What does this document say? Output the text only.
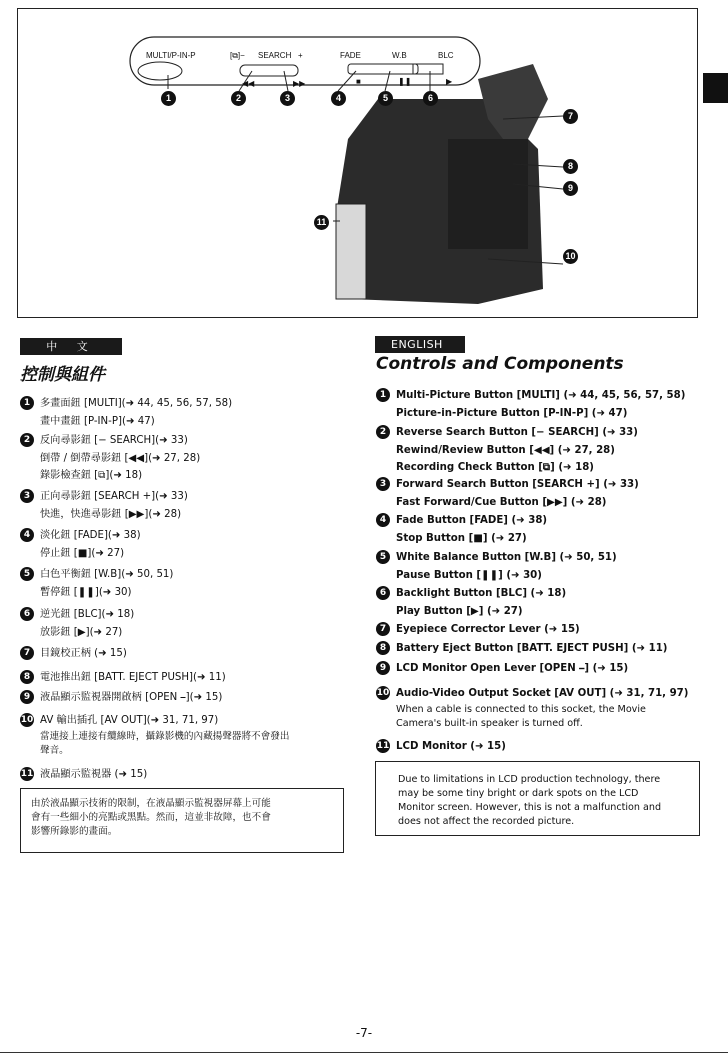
MULTI/P-IN-P	[⧉]− SEARCH +	FADE	W.B	BLC
◀◀	▶▶	■	❚❚	▶
1	2	3	4	5	6
7
8
9
10
11
中 文
控制與組件
1 多畫面鈕 [MULTI](➜ 44, 45, 56, 57, 58)
畫中畫鈕 [P-IN-P](➜ 47)
2 反向尋影鈕 [− SEARCH](➜ 33)
倒帶 / 倒帶尋影鈕 [◀◀](➜ 27, 28)
錄影檢查鈕 [⧉](➜ 18)
3 正向尋影鈕 [SEARCH +](➜ 33)
快進，快進尋影鈕 [▶▶](➜ 28)
4 淡化鈕 [FADE](➜ 38)
停止鈕 [■](➜ 27)
5 白色平衡鈕 [W.B](➜ 50, 51)
暫停鈕 [❚❚](➜ 30)
6 逆光鈕 [BLC](➜ 18)
放影鈕 [▶](➜ 27)
7 目鏡校正柄 (➜ 15)
8 電池推出鈕 [BATT. EJECT PUSH](➜ 11)
9 液晶顯示監視器開啟柄 [OPEN ⎯](➜ 15)
10 AV 輸出插孔 [AV OUT](➜ 31, 71, 97)
當連接上連接有纜線時，攝錄影機的內藏揚聲器將不會發出
聲音。
11 液晶顯示監視器 (➜ 15)
由於液晶顯示技術的限制，在液晶顯示監視器屏幕上可能
會有一些細小的亮點或黑點。然而，這並非故障，也不會
影響所錄影的畫面。
ENGLISH
Controls and Components
1 Multi-Picture Button [MULTI] (➜ 44, 45, 56, 57, 58)
Picture-in-Picture Button [P-IN-P] (➜ 47)
2 Reverse Search Button [− SEARCH] (➜ 33)
Rewind/Review Button [◀◀] (➜ 27, 28)
Recording Check Button [⧉] (➜ 18)
3 Forward Search Button [SEARCH +] (➜ 33)
Fast Forward/Cue Button [▶▶] (➜ 28)
4 Fade Button [FADE] (➜ 38)
Stop Button [■] (➜ 27)
5 White Balance Button [W.B] (➜ 50, 51)
Pause Button [❚❚] (➜ 30)
6 Backlight Button [BLC] (➜ 18)
Play Button [▶] (➜ 27)
7 Eyepiece Corrector Lever (➜ 15)
8 Battery Eject Button [BATT. EJECT PUSH] (➜ 11)
9 LCD Monitor Open Lever [OPEN ⎯] (➜ 15)
10 Audio-Video Output Socket [AV OUT] (➜ 31, 71, 97)
When a cable is connected to this socket, the Movie
Camera's built-in speaker is turned off.
11 LCD Monitor (➜ 15)
Due to limitations in LCD production technology, there
may be some tiny bright or dark spots on the LCD
Monitor screen. However, this is not a malfunction and
does not affect the recorded picture.
-7-
